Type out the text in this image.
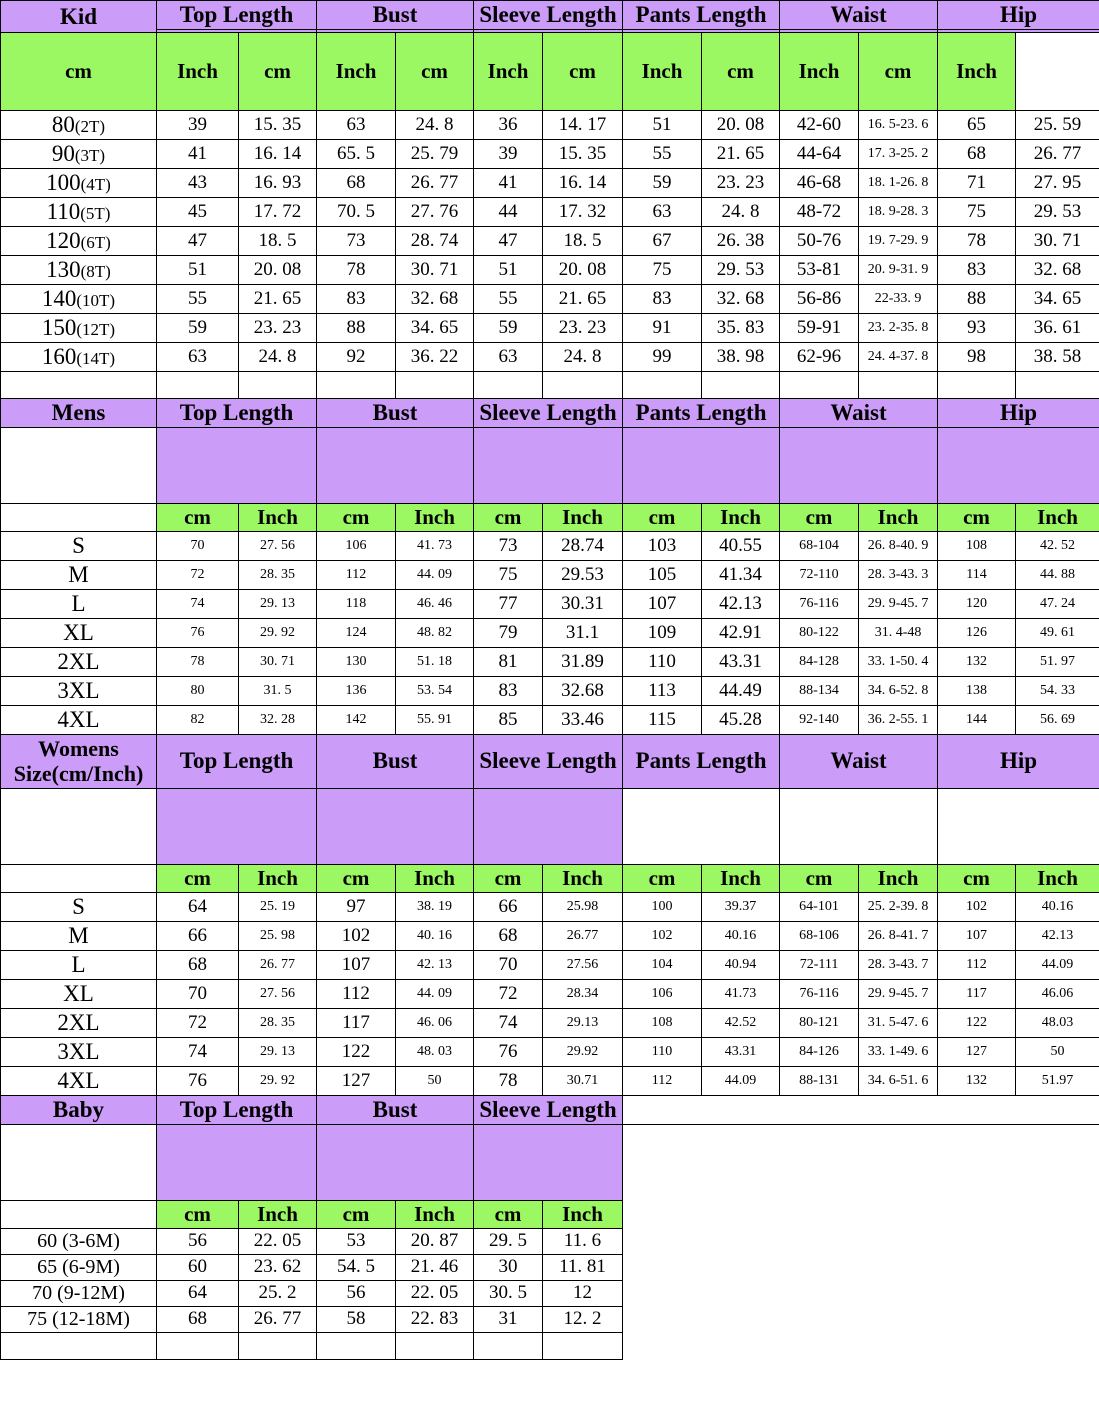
Kid	Top Length		Bust		Sleeve Length		Pants Length		Waist		Hip	

cm	Inch	cm	Inch	cm	Inch	cm	Inch	cm	Inch	cm	Inch	
80(2T)	39	15. 35	63	24. 8	36	14. 17	51	20. 08	42-60	16. 5-23. 6	65	25. 59
90(3T)	41	16. 14	65. 5	25. 79	39	15. 35	55	21. 65	44-64	17. 3-25. 2	68	26. 77
100(4T)	43	16. 93	68	26. 77	41	16. 14	59	23. 23	46-68	18. 1-26. 8	71	27. 95
110(5T)	45	17. 72	70. 5	27. 76	44	17. 32	63	24. 8	48-72	18. 9-28. 3	75	29. 53
120(6T)	47	18. 5	73	28. 74	47	18. 5	67	26. 38	50-76	19. 7-29. 9	78	30. 71
130(8T)	51	20. 08	78	30. 71	51	20. 08	75	29. 53	53-81	20. 9-31. 9	83	32. 68
140(10T)	55	21. 65	83	32. 68	55	21. 65	83	32. 68	56-86	22-33. 9	88	34. 65
150(12T)	59	23. 23	88	34. 65	59	23. 23	91	35. 83	59-91	23. 2-35. 8	93	36. 61
160(14T)	63	24. 8	92	36. 22	63	24. 8	99	38. 98	62-96	24. 4-37. 8	98	38. 58

Mens	Top Length		Bust		Sleeve Length		Pants Length		Waist		Hip	

	cm	Inch	cm	Inch	cm	Inch	cm	Inch	cm	Inch	cm	Inch
S	70	27. 56	106	41. 73	73	28.74	103	40.55	68-104	26. 8-40. 9	108	42. 52
M	72	28. 35	112	44. 09	75	29.53	105	41.34	72-110	28. 3-43. 3	114	44. 88
L	74	29. 13	118	46. 46	77	30.31	107	42.13	76-116	29. 9-45. 7	120	47. 24
XL	76	29. 92	124	48. 82	79	31.1	109	42.91	80-122	31. 4-48	126	49. 61
2XL	78	30. 71	130	51. 18	81	31.89	110	43.31	84-128	33. 1-50. 4	132	51. 97
3XL	80	31. 5	136	53. 54	83	32.68	113	44.49	88-134	34. 6-52. 8	138	54. 33
4XL	82	32. 28	142	55. 91	85	33.46	115	45.28	92-140	36. 2-55. 1	144	56. 69
Womens
Size(cm/Inch)	Top Length		Bust		Sleeve Length		Pants Length		Waist		Hip	

	cm	Inch	cm	Inch	cm	Inch	cm	Inch	cm	Inch	cm	Inch
S	64	25. 19	97	38. 19	66	25.98	100	39.37	64-101	25. 2-39. 8	102	40.16
M	66	25. 98	102	40. 16	68	26.77	102	40.16	68-106	26. 8-41. 7	107	42.13
L	68	26. 77	107	42. 13	70	27.56	104	40.94	72-111	28. 3-43. 7	112	44.09
XL	70	27. 56	112	44. 09	72	28.34	106	41.73	76-116	29. 9-45. 7	117	46.06
2XL	72	28. 35	117	46. 06	74	29.13	108	42.52	80-121	31. 5-47. 6	122	48.03
3XL	74	29. 13	122	48. 03	76	29.92	110	43.31	84-126	33. 1-49. 6	127	50
4XL	76	29. 92	127	50	78	30.71	112	44.09	88-131	34. 6-51. 6	132	51.97
Baby	Top Length		Bust		Sleeve Length							

	cm	Inch	cm	Inch	cm	Inch						
60 (3-6M)	56	22. 05	53	20. 87	29. 5	11. 6						
65 (6-9M)	60	23. 62	54. 5	21. 46	30	11. 81						
70 (9-12M)	64	25. 2	56	22. 05	30. 5	12						
75 (12-18M)	68	26. 77	58	22. 83	31	12. 2						
